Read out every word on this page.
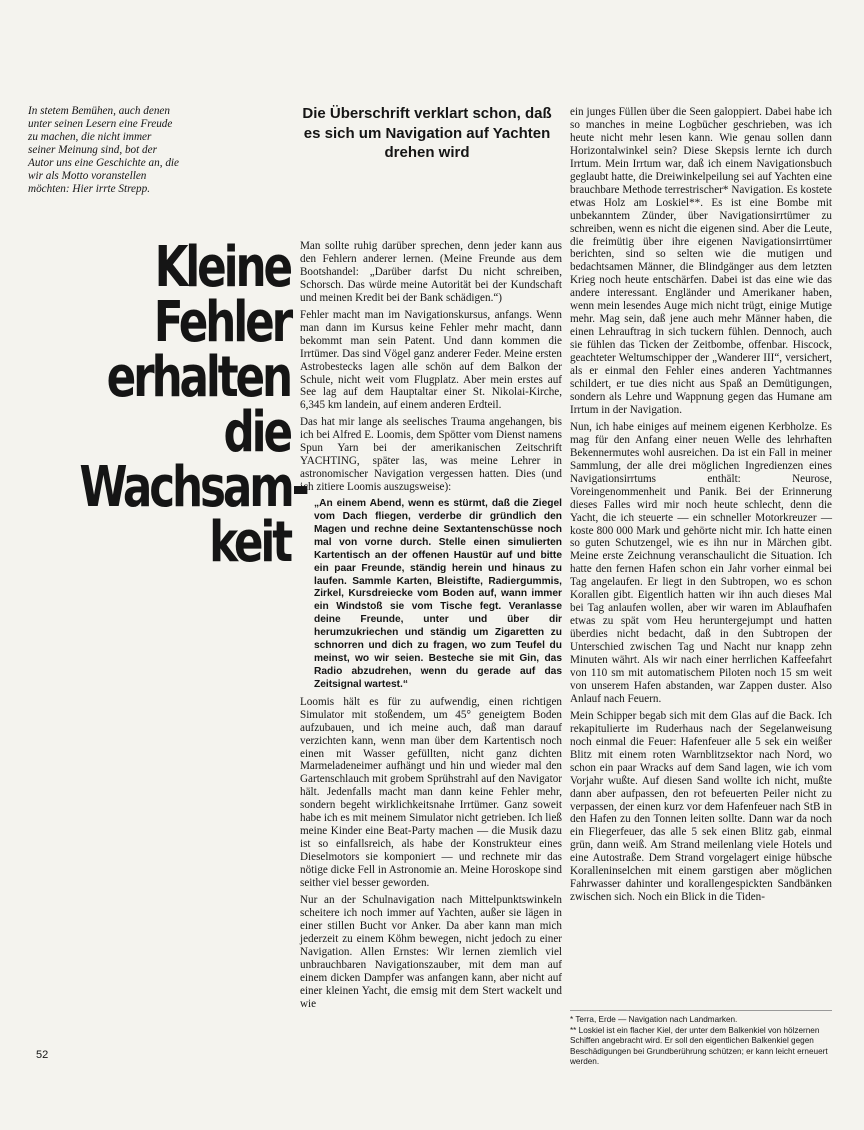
In stetem Bemühen, auch denen unter seinen Lesern eine Freude zu machen, die nicht immer seiner Meinung sind, bot der Autor uns eine Geschichte an, die wir als Motto voranstellen möchten: Hier irrte Strepp.

Die Überschrift verklart schon, daß es sich um Navigation auf Yachten drehen wird

Kleine
Fehler
erhalten
die
Wachsam-
keit

Man sollte ruhig darüber sprechen, denn jeder kann aus den Fehlern anderer lernen. (Meine Freunde aus dem Bootshandel: „Darüber darfst Du nicht schreiben, Schorsch. Das würde meine Autorität bei der Kundschaft und meinen Kredit bei der Bank schädigen.“)

Fehler macht man im Navigationskursus, anfangs. Wenn man dann im Kursus keine Fehler mehr macht, dann bekommt man sein Patent. Und dann kommen die Irrtümer. Das sind Vögel ganz anderer Feder. Meine ersten Astrobestecks lagen alle schön auf dem Balkon der Schule, nicht weit vom Flugplatz. Aber mein erstes auf See lag auf dem Hauptaltar einer St. Nikolai-Kirche, 6,345 km landein, auf einem anderen Erdteil.

Das hat mir lange als seelisches Trauma angehangen, bis ich bei Alfred E. Loomis, dem Spötter vom Dienst namens Spun Yarn bei der amerikanischen Zeitschrift YACHTING, später las, was meine Lehrer in astronomischer Navigation vergessen hatten. Dies (und ich zitiere Loomis auszugsweise):

„An einem Abend, wenn es stürmt, daß die Ziegel vom Dach fliegen, verderbe dir gründlich den Magen und rechne deine Sextantenschüsse noch mal von vorne durch. Stelle einen simulierten Kartentisch an der offenen Haustür auf und bitte ein paar Freunde, ständig herein und hinaus zu laufen. Sammle Karten, Bleistifte, Radiergummis, Zirkel, Kursdreiecke vom Boden auf, wann immer ein Windstoß sie vom Tische fegt. Veranlasse deine Freunde, unter und über dir herumzukriechen und ständig um Zigaretten zu schnorren und dich zu fragen, wo zum Teufel du meinst, wo wir seien. Besteche sie mit Gin, das Radio abzudrehen, wenn du gerade auf das Zeitsignal wartest.“

Loomis hält es für zu aufwendig, einen richtigen Simulator mit stoßendem, um 45° geneigtem Boden aufzubauen, und ich meine auch, daß man darauf verzichten kann, wenn man über dem Kartentisch noch einen mit Wasser gefüllten, nicht ganz dichten Marmeladeneimer aufhängt und hin und wieder mal den Gartenschlauch mit grobem Sprühstrahl auf den Navigator hält. Jedenfalls macht man dann keine Fehler mehr, sondern begeht wirklichkeitsnahe Irrtümer. Ganz soweit habe ich es mit meinem Simulator nicht getrieben. Ich ließ meine Kinder eine Beat-Party machen — die Musik dazu ist so einfallsreich, als habe der Konstrukteur eines Dieselmotors sie komponiert — und rechnete mir das nötige dicke Fell in Astronomie an. Meine Horoskope sind seither viel besser geworden.

Nur an der Schulnavigation nach Mittelpunktswinkeln scheitere ich noch immer auf Yachten, außer sie lägen in einer stillen Bucht vor Anker. Da aber kann man mich jederzeit zu einem Köhm bewegen, nicht jedoch zu einer Navigation. Allen Ernstes: Wir lernen ziemlich viel unbrauchbaren Navigationszauber, mit dem man auf einem dicken Dampfer was anfangen kann, aber nicht auf einer kleinen Yacht, die emsig mit dem Stert wackelt und wie

ein junges Füllen über die Seen galoppiert. Dabei habe ich so manches in meine Logbücher geschrieben, was ich heute nicht mehr lesen kann. Wie genau sollen dann Horizontalwinkel sein? Diese Skepsis lernte ich durch Irrtum. Mein Irrtum war, daß ich einem Navigationsbuch geglaubt hatte, die Dreiwinkelpeilung sei auf Yachten eine brauchbare Methode terrestrischer* Navigation. Es kostete etwas Holz am Loskiel**. Es ist eine Bombe mit unbekanntem Zünder, über Navigationsirrtümer zu schreiben, wenn es nicht die eigenen sind. Aber die Leute, die freimütig über ihre eigenen Navigationsirrtümer berichten, sind so selten wie die mutigen und bedachtsamen Männer, die Blindgänger aus dem letzten Krieg noch heute entschärfen. Dabei ist das eine wie das andere interessant. Engländer und Amerikaner haben, wenn mein lesendes Auge mich nicht trügt, einige Mutige mehr. Mag sein, daß jene auch mehr Männer haben, die einen Lehrauftrag in sich tuckern fühlen. Dennoch, auch sie fühlen das Ticken der Zeitbombe, offenbar. Hiscock, geachteter Weltumschipper der „Wanderer III“, versichert, als er einmal den Fehler eines anderen Yachtmannes schildert, er tue dies nicht aus Spaß an Demütigungen, sondern als Lehre und Wappnung gegen das Humane am Irrtum in der Navigation.

Nun, ich habe einiges auf meinem eigenen Kerbholze. Es mag für den Anfang einer neuen Welle des lehrhaften Bekennermutes wohl ausreichen. Da ist ein Fall in meiner Sammlung, der alle drei möglichen Ingredienzen eines Navigationsirrtums enthält: Neurose, Voreingenommenheit und Panik. Bei der Erinnerung dieses Falles wird mir noch heute schlecht, denn die Yacht, die ich steuerte — ein schneller Motorkreuzer — koste 800 000 Mark und gehörte nicht mir. Ich hatte einen so guten Schutzengel, wie es ihn nur in Märchen gibt. Meine erste Zeichnung veranschaulicht die Situation. Ich hatte den fernen Hafen schon ein Jahr vorher einmal bei Tag angelaufen. Er liegt in den Subtropen, wo es schon Korallen gibt. Eigentlich hatten wir ihn auch dieses Mal bei Tag anlaufen wollen, aber wir waren im Ablaufhafen etwas zu spät vom Heu heruntergejumpt und hatten überdies nicht bedacht, daß in den Subtropen der Unterschied zwischen Tag und Nacht nur knapp zehn Minuten währt. Als wir nach einer herrlichen Kaffeefahrt von 110 sm mit automatischem Piloten noch 15 sm weit von unserem Hafen abstanden, war Zappen duster. Also Anlauf nach Feuern.

Mein Schipper begab sich mit dem Glas auf die Back. Ich rekapitulierte im Ruderhaus nach der Segelanweisung noch einmal die Feuer: Hafenfeuer alle 5 sek ein weißer Blitz mit einem roten Warnblitzsektor nach Nord, wo schon ein paar Wracks auf dem Sand lagen, wie ich vom Vorjahr wußte. Auf diesen Sand wollte ich nicht, mußte dann aber aufpassen, den rot befeuerten Peiler nicht zu verpassen, der einen kurz vor dem Hafenfeuer nach StB in den Hafen zu den Tonnen leiten sollte. Dann war da noch ein Fliegerfeuer, das alle 5 sek einen Blitz gab, einmal grün, dann weiß. Am Strand meilenlang viele Hotels und eine Autostraße. Dem Strand vorgelagert einige hübsche Koralleninselchen mit einem garstigen aber möglichen Fahrwasser dahinter und korallengespickten Sandbänken zwischen sich. Noch ein Blick in die Tiden-

* Terra, Erde — Navigation nach Landmarken.

** Loskiel ist ein flacher Kiel, der unter dem Balkenkiel von hölzernen Schiffen angebracht wird. Er soll den eigentlichen Balkenkiel gegen Beschädigungen bei Grundberührung schützen; er kann leicht erneuert werden.

52
